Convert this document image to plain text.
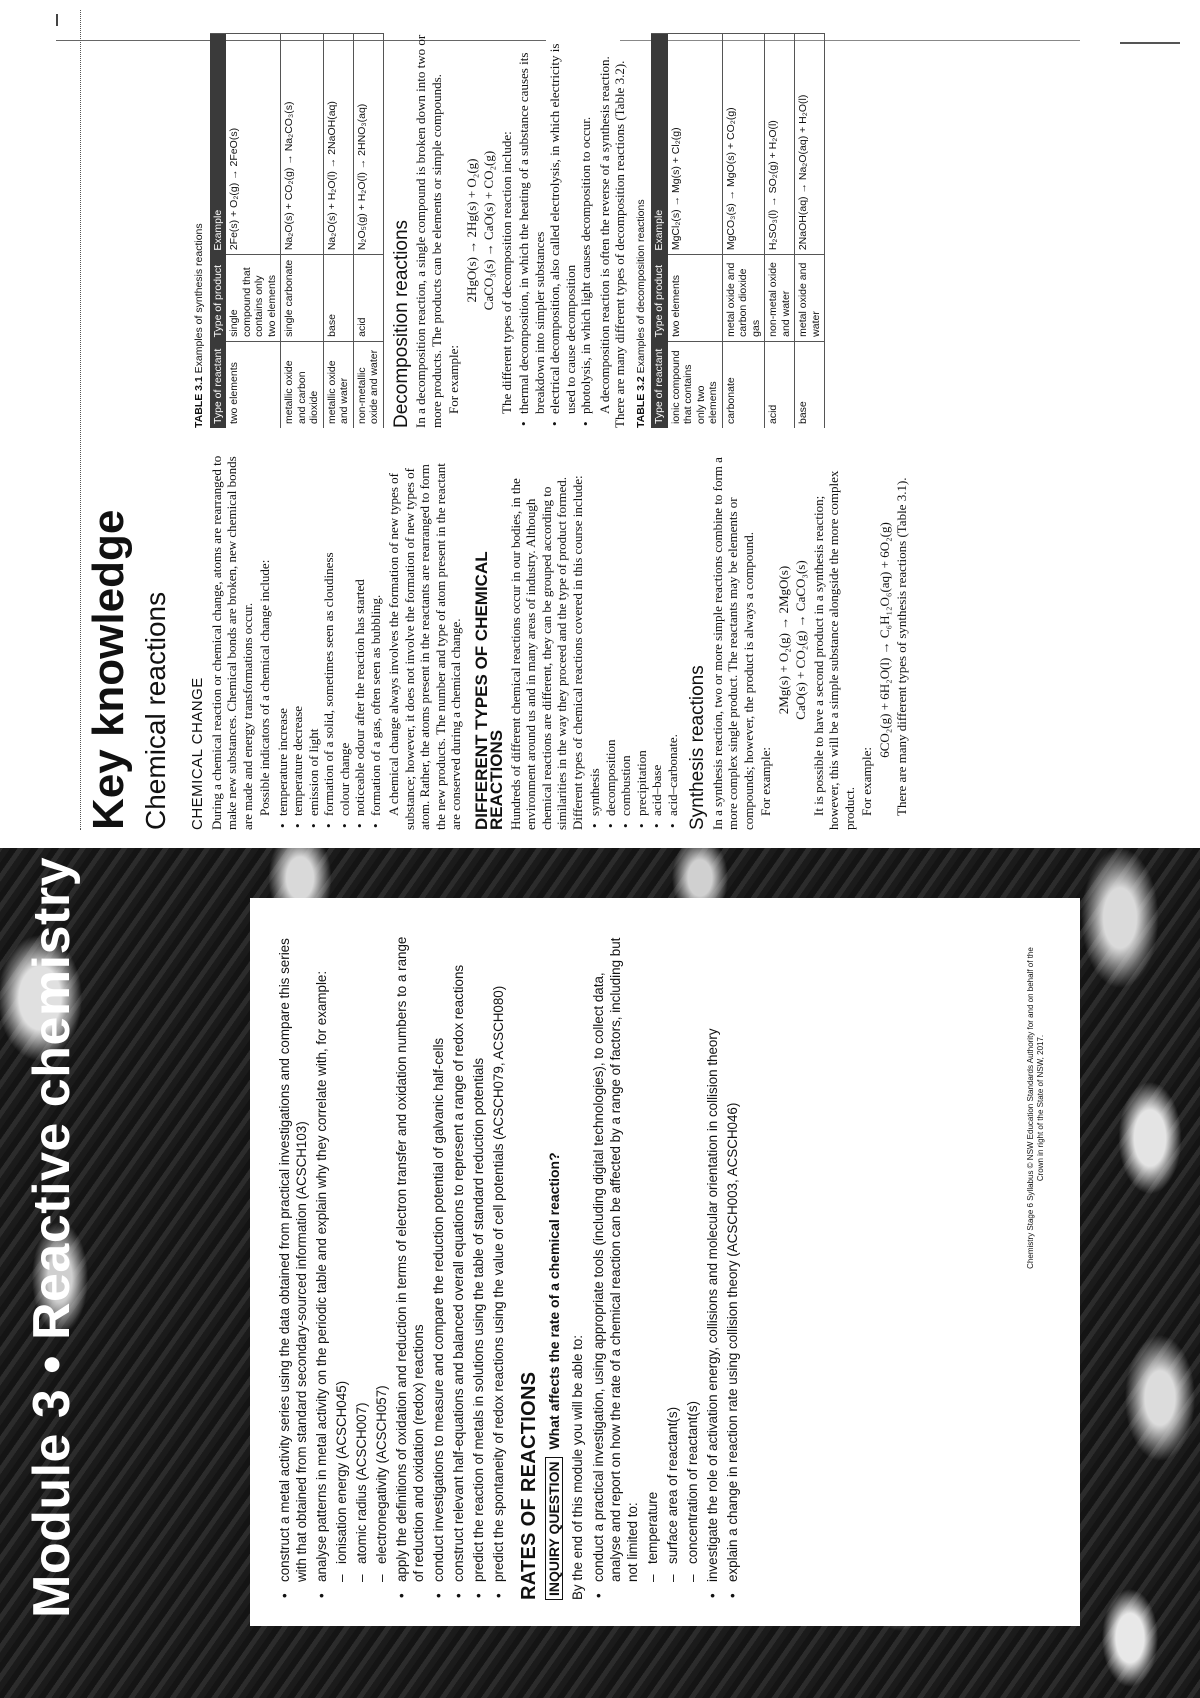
Module 3 • Reactive chemistry	• construct a metal activity series using the data obtained from practical investigations and compare this series with that obtained from standard secondary-sourced information (ACSCH103) • analyse patterns in metal activity on the periodic table and explain why they correlate with, for example: – ionisation energy (ACSCH045) – atomic radius (ACSCH007) – electronegativity (ACSCH057) • apply the definitions of oxidation and reduction in terms of electron transfer and oxidation numbers to a range of reduction and oxidation (redox) reactions • conduct investigations to measure and compare the reduction potential of galvanic half-cells • construct relevant half-equations and balanced overall equations to represent a range of redox reactions • predict the reaction of metals in solutions using the table of standard reduction potentials • predict the spontaneity of redox reactions using the value of cell potentials (ACSCH079, ACSCH080) RATES OF REACTIONS INQUIRY QUESTION What affects the rate of a chemical reaction?
By the end of this module you will be able to: • conduct a practical investigation, using appropriate tools (including digital technologies), to collect data, analyse and report on how the rate of a chemical reaction can be affected by a range of factors, including but not limited to: – temperature – surface area of reactant(s) – concentration of reactant(s) • investigate the role of activation energy, collisions and molecular orientation in collision theory • explain a change in reaction rate using collision theory (ACSCH003, ACSCH046)	Chemistry Stage 6 Syllabus © NSW Education Standards Authority for and on behalf of the Crown in right of the State of NSW, 2017.
Key knowledge Chemical reactions CHEMICAL CHANGE During a chemical reaction or chemical change, atoms are rearranged to make new substances. Chemical bonds are broken, new chemical bonds are made and energy transformations occur. Possible indicators of a chemical change include: • temperature increase • temperature decrease • emission of light • formation of a solid, sometimes seen as cloudiness • colour change • noticeable odour after the reaction has started • formation of a gas, often seen as bubbling. A chemical change always involves the formation of new types of substance; however, it does not involve the formation of new types of atom. Rather, the atoms present in the reactants are rearranged to form the new products. The number and type of atom present in the reactant are conserved during a chemical change. DIFFERENT TYPES OF CHEMICAL REACTIONS Hundreds of different chemical reactions occur in our bodies, in the environment around us and in many areas of industry. Although chemical reactions are different, they can be grouped according to similarities in the way they proceed and the type of product formed. Different types of chemical reactions covered in this course include: • synthesis • decomposition • combustion • precipitation • acid–base • acid–carbonate. Synthesis reactions In a synthesis reaction, two or more simple reactions combine to form a more complex single product. The reactants may be elements or compounds; however, the product is always a compound. For example:

2Mg(s) + O₂(g) → 2MgO(s) CaO(s) + CO₂(g) → CaCO₃(s) It is possible to have a second product in a synthesis reaction; however, this will be a simple substance alongside the more complex product. For example:

6CO₂(g) + 6H₂O(l) → C₆H₁₂O₆(aq) + 6O₂(g) There are many different types of synthesis reactions (Table 3.1).

TABLE 3.1 Examples of synthesis reactions
Type of reactant	Type of product	Example
two elements	single compound that contains only two elements	2Fe(s) + O₂(g) → 2FeO(s)
metallic oxide and carbon dioxide	single carbonate	Na₂O(s) + CO₂(g) → Na₂CO₃(s)
metallic oxide and water	base	Na₂O(s) + H₂O(l) → 2NaOH(aq)
non-metallic oxide and water	acid	N₂O₅(g) + H₂O(l) → 2HNO₃(aq)
Decomposition reactions In a decomposition reaction, a single compound is broken down into two or more products. The products can be elements or simple compounds. For example:

2HgO(s) → 2Hg(s) + O₂(g) CaCO₃(s) → CaO(s) + CO₂(g) The different types of decomposition reaction include: • thermal decomposition, in which the heating of a substance causes its breakdown into simpler substances • electrical decomposition, also called electrolysis, in which electricity is used to cause decomposition • photolysis, in which light causes decomposition to occur. A decomposition reaction is often the reverse of a synthesis reaction. There are many different types of decomposition reactions (Table 3.2). TABLE 3.2 Examples of decomposition reactions
Type of reactant	Type of product	Example
ionic compound that contains only two elements	two elements	MgCl₂(s) → Mg(s) + Cl₂(g)
carbonate	metal oxide and carbon dioxide gas	MgCO₃(s) → MgO(s) + CO₂(g)
acid	non-metal oxide and water	H₂SO₃(l) → SO₂(g) + H₂O(l)
base	metal oxide and water	2NaOH(aq) → Na₂O(aq) + H₂O(l)
